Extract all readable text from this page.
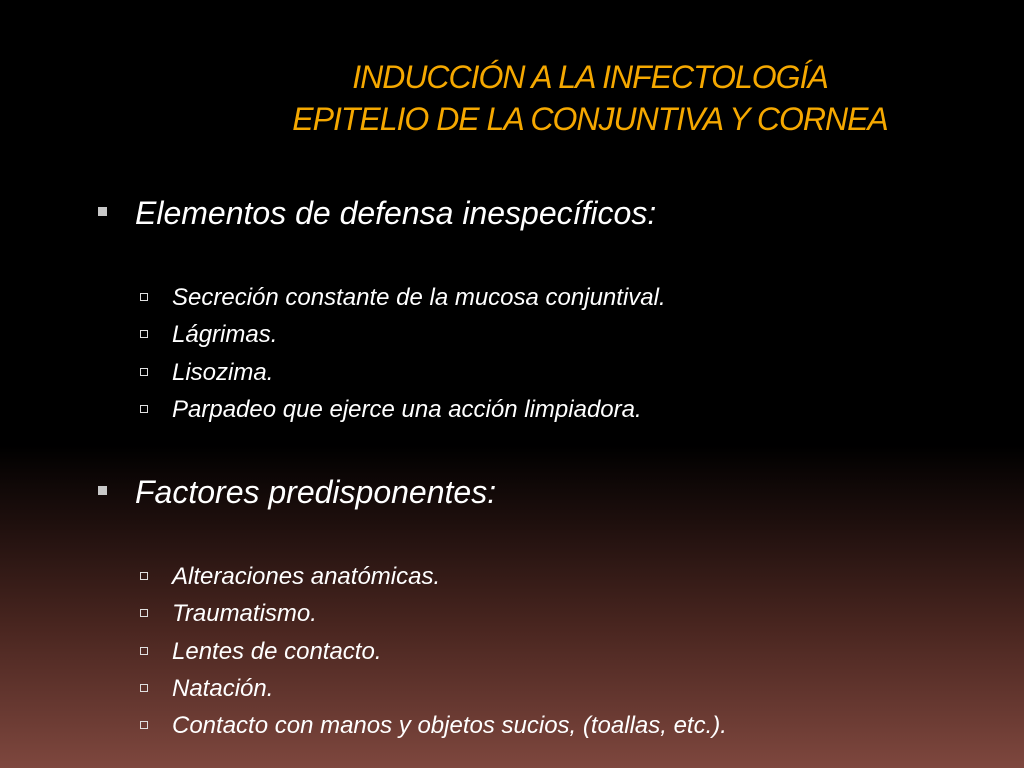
INDUCCIÓN A LA INFECTOLOGÍA
EPITELIO DE LA CONJUNTIVA Y CORNEA
Elementos de defensa inespecíficos:
Secreción constante de la mucosa conjuntival.
Lágrimas.
Lisozima.
Parpadeo que ejerce una acción limpiadora.
Factores predisponentes:
Alteraciones anatómicas.
Traumatismo.
Lentes de contacto.
Natación.
Contacto con manos y objetos sucios, (toallas, etc.).
